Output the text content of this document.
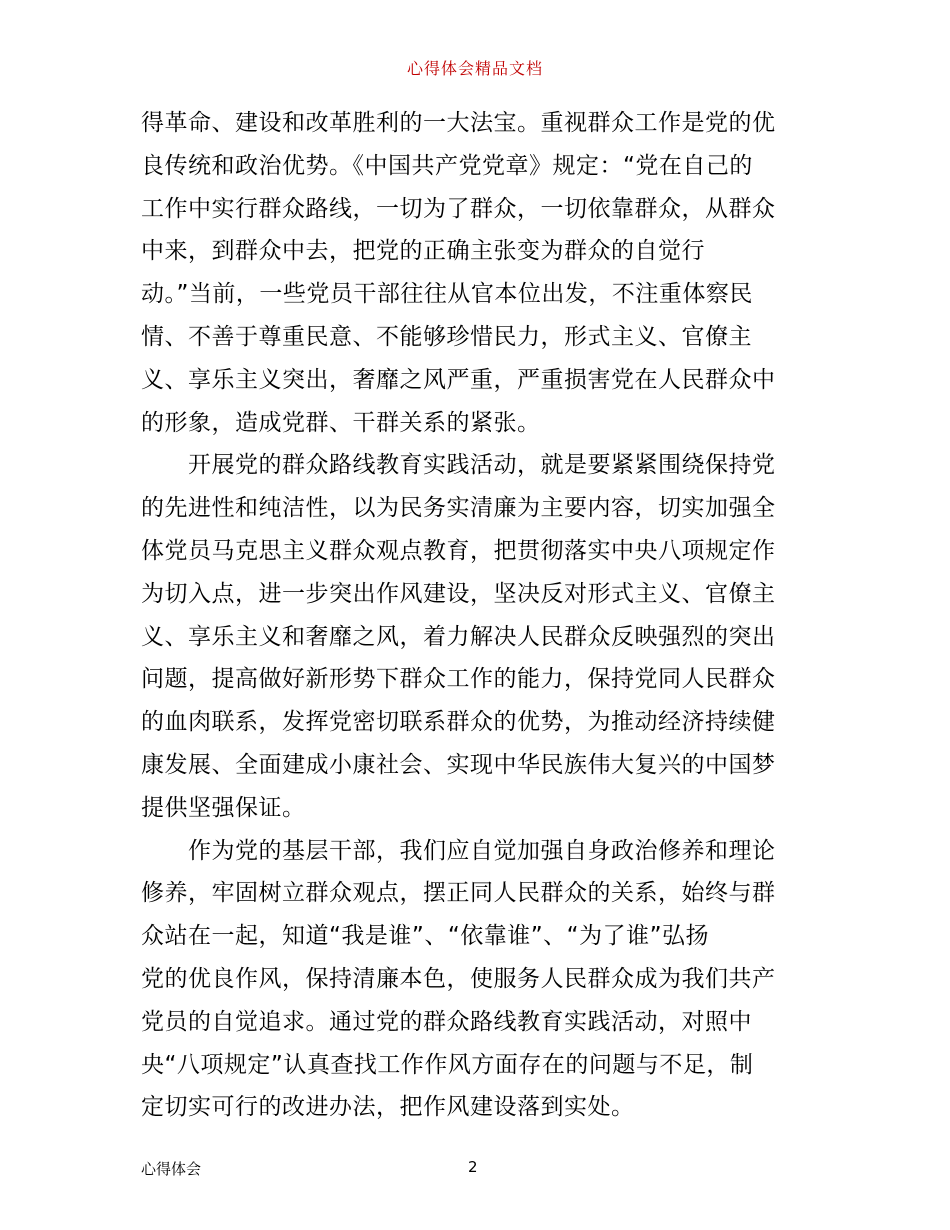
心得体会精品文档
得革命、建设和改革胜利的一大法宝。重视群众工作是党的优
良传统和政治优势。《中国共产党党章》规定：“党在自己的
工作中实行群众路线，一切为了群众，一切依靠群众，从群众
中来，到群众中去，把党的正确主张变为群众的自觉行
动。”当前，一些党员干部往往从官本位出发，不注重体察民
情、不善于尊重民意、不能够珍惜民力，形式主义、官僚主
义、享乐主义突出，奢靡之风严重，严重损害党在人民群众中
的形象，造成党群、干群关系的紧张。
　　开展党的群众路线教育实践活动，就是要紧紧围绕保持党
的先进性和纯洁性，以为民务实清廉为主要内容，切实加强全
体党员马克思主义群众观点教育，把贯彻落实中央八项规定作
为切入点，进一步突出作风建设，坚决反对形式主义、官僚主
义、享乐主义和奢靡之风，着力解决人民群众反映强烈的突出
问题，提高做好新形势下群众工作的能力，保持党同人民群众
的血肉联系，发挥党密切联系群众的优势，为推动经济持续健
康发展、全面建成小康社会、实现中华民族伟大复兴的中国梦
提供坚强保证。
　　作为党的基层干部，我们应自觉加强自身政治修养和理论
修养，牢固树立群众观点，摆正同人民群众的关系，始终与群
众站在一起，知道“我是谁”、“依靠谁”、“为了谁”弘扬
党的优良作风，保持清廉本色，使服务人民群众成为我们共产
党员的自觉追求。通过党的群众路线教育实践活动，对照中
央“八项规定”认真查找工作作风方面存在的问题与不足，制
定切实可行的改进办法，把作风建设落到实处。
心得体会	2
